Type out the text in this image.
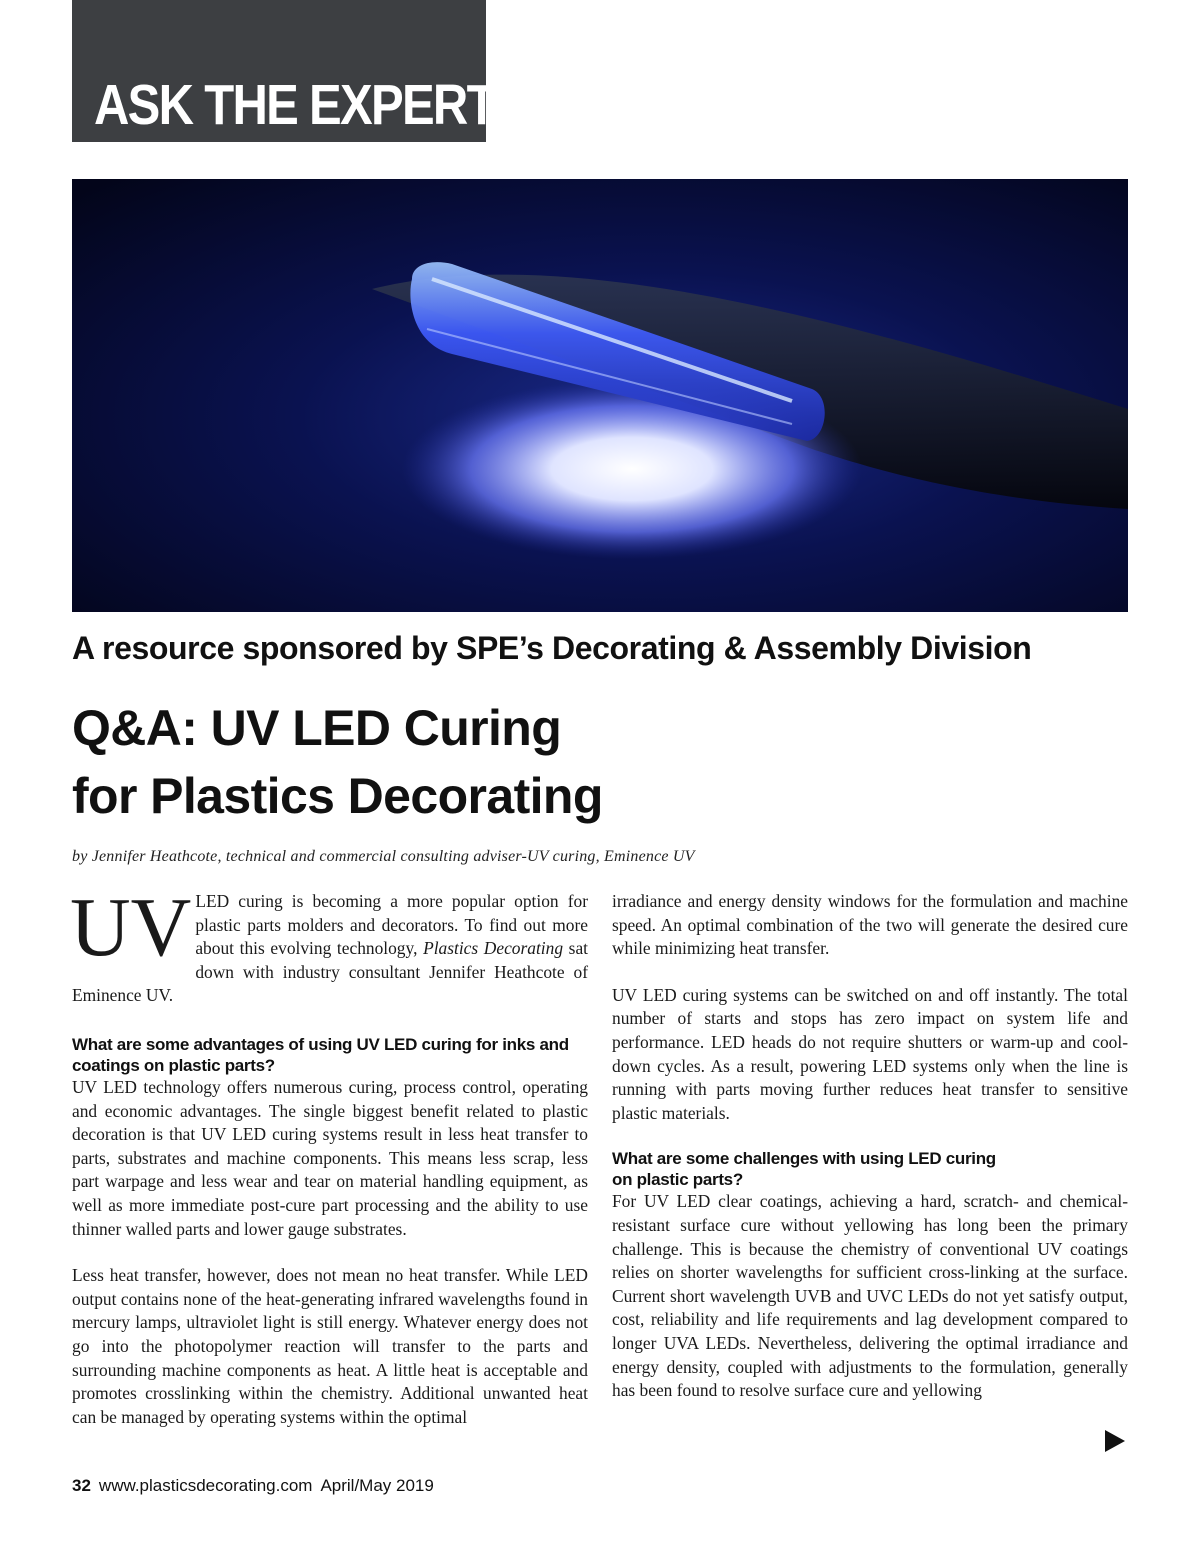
ASK THE EXPERT
A resource sponsored by SPE’s Decorating & Assembly Division
Q&A: UV LED Curing
for Plastics Decorating
by Jennifer Heathcote, technical and commercial consulting adviser-UV curing, Eminence UV

UV LED curing is becoming a more popular option for plastic parts molders and decorators. To find out more about this evolving technology, Plastics Decorating sat down with industry consultant Jennifer Heathcote of Eminence UV.

What are some advantages of using UV LED curing for inks and coatings on plastic parts?

UV LED technology offers numerous curing, process control, operating and economic advantages. The single biggest benefit related to plastic decoration is that UV LED curing systems result in less heat transfer to parts, substrates and machine components. This means less scrap, less part warpage and less wear and tear on material handling equipment, as well as more immediate post-cure part processing and the ability to use thinner walled parts and lower gauge substrates.

Less heat transfer, however, does not mean no heat transfer. While LED output contains none of the heat-generating infrared wavelengths found in mercury lamps, ultraviolet light is still energy. Whatever energy does not go into the photopolymer reaction will transfer to the parts and surrounding machine components as heat. A little heat is acceptable and promotes crosslinking within the chemistry. Additional unwanted heat can be managed by operating systems within the optimal

irradiance and energy density windows for the formulation and machine speed. An optimal combination of the two will generate the desired cure while minimizing heat transfer.

UV LED curing systems can be switched on and off instantly. The total number of starts and stops has zero impact on system life and performance. LED heads do not require shutters or warm-up and cool-down cycles. As a result, powering LED systems only when the line is running with parts moving further reduces heat transfer to sensitive plastic materials.

What are some challenges with using LED curing
on plastic parts?

For UV LED clear coatings, achieving a hard, scratch- and chemical-resistant surface cure without yellowing has long been the primary challenge. This is because the chemistry of conventional UV coatings relies on shorter wavelengths for sufficient cross-linking at the surface. Current short wavelength UVB and UVC LEDs do not yet satisfy output, cost, reliability and life requirements and lag development compared to longer UVA LEDs. Nevertheless, delivering the optimal irradiance and energy density, coupled with adjustments to the formulation, generally has been found to resolve surface cure and yellowing

32 www.plasticsdecorating.com April/May 2019
